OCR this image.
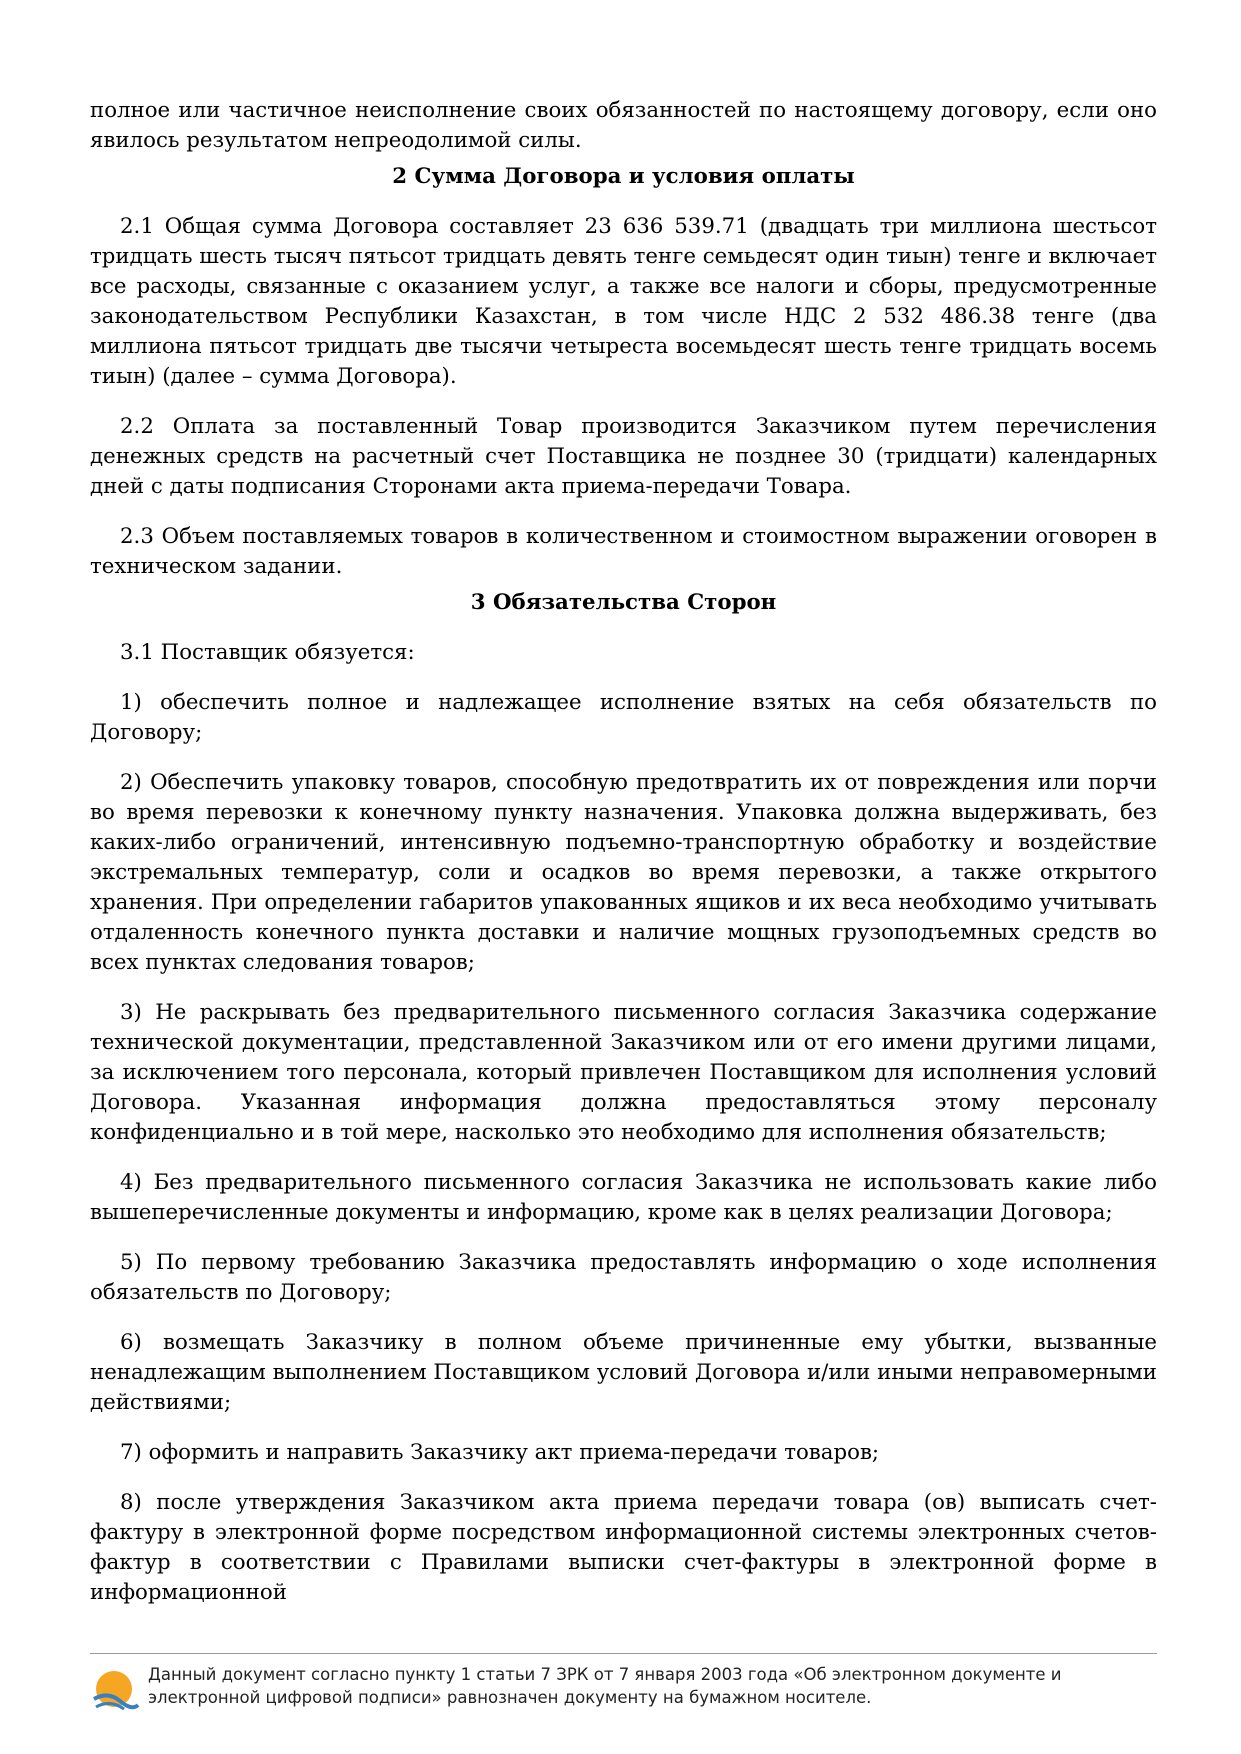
полное или частичное неисполнение своих обязанностей по настоящему договору, если оно явилось результатом непреодолимой силы.

2 Сумма Договора и условия оплаты

2.1 Общая сумма Договора составляет 23 636 539.71 (двадцать три миллиона шестьсот тридцать шесть тысяч пятьсот тридцать девять тенге семьдесят один тиын) тенге и включает все расходы, связанные с оказанием услуг, а также все налоги и сборы, предусмотренные законодательством Республики Казахстан, в том числе НДС 2 532 486.38 тенге (два миллиона пятьсот тридцать две тысячи четыреста восемьдесят шесть тенге тридцать восемь тиын) (далее – сумма Договора).

2.2 Оплата за поставленный Товар производится Заказчиком путем перечисления денежных средств на расчетный счет Поставщика не позднее 30 (тридцати) календарных дней с даты подписания Сторонами акта приема-передачи Товара.

2.3 Объем поставляемых товаров в количественном и стоимостном выражении оговорен в техническом задании.

3 Обязательства Сторон

3.1 Поставщик обязуется:

1) обеспечить полное и надлежащее исполнение взятых на себя обязательств по Договору;

2) Обеспечить упаковку товаров, способную предотвратить их от повреждения или порчи во время перевозки к конечному пункту назначения. Упаковка должна выдерживать, без каких-либо ограничений, интенсивную подъемно-транспортную обработку и воздействие экстремальных температур, соли и осадков во время перевозки, а также открытого хранения. При определении габаритов упакованных ящиков и их веса необходимо учитывать отдаленность конечного пункта доставки и наличие мощных грузоподъемных средств во всех пунктах следования товаров;

3) Не раскрывать без предварительного письменного согласия Заказчика содержание технической документации, представленной Заказчиком или от его имени другими лицами, за исключением того персонала, который привлечен Поставщиком для исполнения условий Договора. Указанная информация должна предоставляться этому персоналу конфиденциально и в той мере, насколько это необходимо для исполнения обязательств;

4) Без предварительного письменного согласия Заказчика не использовать какие либо вышеперечисленные документы и информацию, кроме как в целях реализации Договора;

5) По первому требованию Заказчика предоставлять информацию о ходе исполнения обязательств по Договору;

6) возмещать Заказчику в полном объеме причиненные ему убытки, вызванные ненадлежащим выполнением Поставщиком условий Договора и/или иными неправомерными действиями;

7) оформить и направить Заказчику акт приема-передачи товаров;

8) после утверждения Заказчиком акта приема передачи товара (ов) выписать счет-фактуру в электронной форме посредством информационной системы электронных счетов-фактур в соответствии с Правилами выписки счет-фактуры в электронной форме в информационной

Данный документ согласно пункту 1 статьи 7 ЗРК от 7 января 2003 года «Об электронном документе и электронной цифровой подписи» равнозначен документу на бумажном носителе.
